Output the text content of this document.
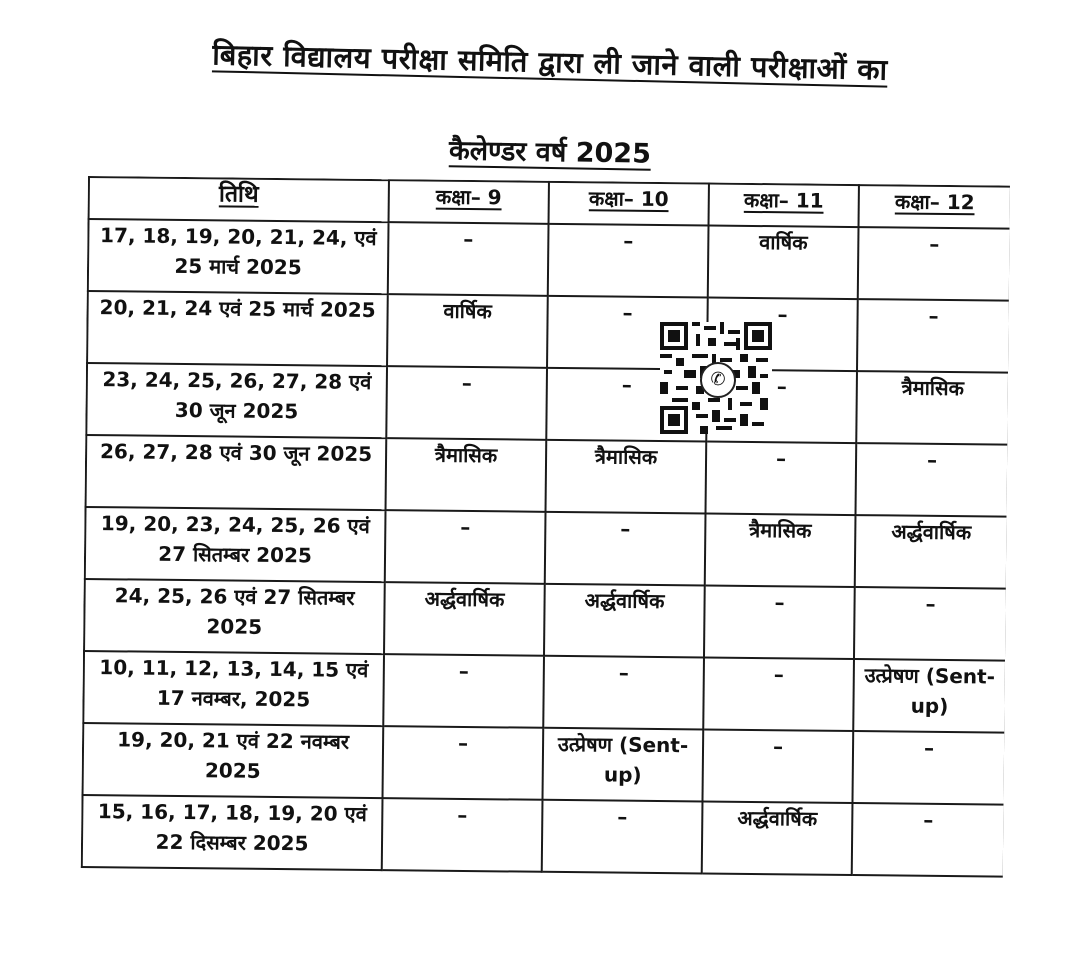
बिहार विद्यालय परीक्षा समिति द्वारा ली जाने वाली परीक्षाओं का
कैलेण्डर वर्ष 2025
तिथि	कक्षा– 9	कक्षा– 10	कक्षा– 11	कक्षा– 12
17, 18, 19, 20, 21, 24, एवं 25 मार्च 2025	–	–	वार्षिक	–
20, 21, 24 एवं 25 मार्च 2025	वार्षिक	–	–	–
23, 24, 25, 26, 27, 28 एवं 30 जून 2025	–	–	–	त्रैमासिक
26, 27, 28 एवं 30 जून 2025	त्रैमासिक	त्रैमासिक	–	–
19, 20, 23, 24, 25, 26 एवं 27 सितम्बर 2025	–	–	त्रैमासिक	अर्द्धवार्षिक
24, 25, 26 एवं 27 सितम्बर 2025	अर्द्धवार्षिक	अर्द्धवार्षिक	–	–
10, 11, 12, 13, 14, 15 एवं 17 नवम्बर, 2025	–	–	–	उत्प्रेषण (Sent-up)
19, 20, 21 एवं 22 नवम्बर 2025	–	उत्प्रेषण (Sent-up)	–	–
15, 16, 17, 18, 19, 20 एवं 22 दिसम्बर 2025	–	–	अर्द्धवार्षिक	–
✆
